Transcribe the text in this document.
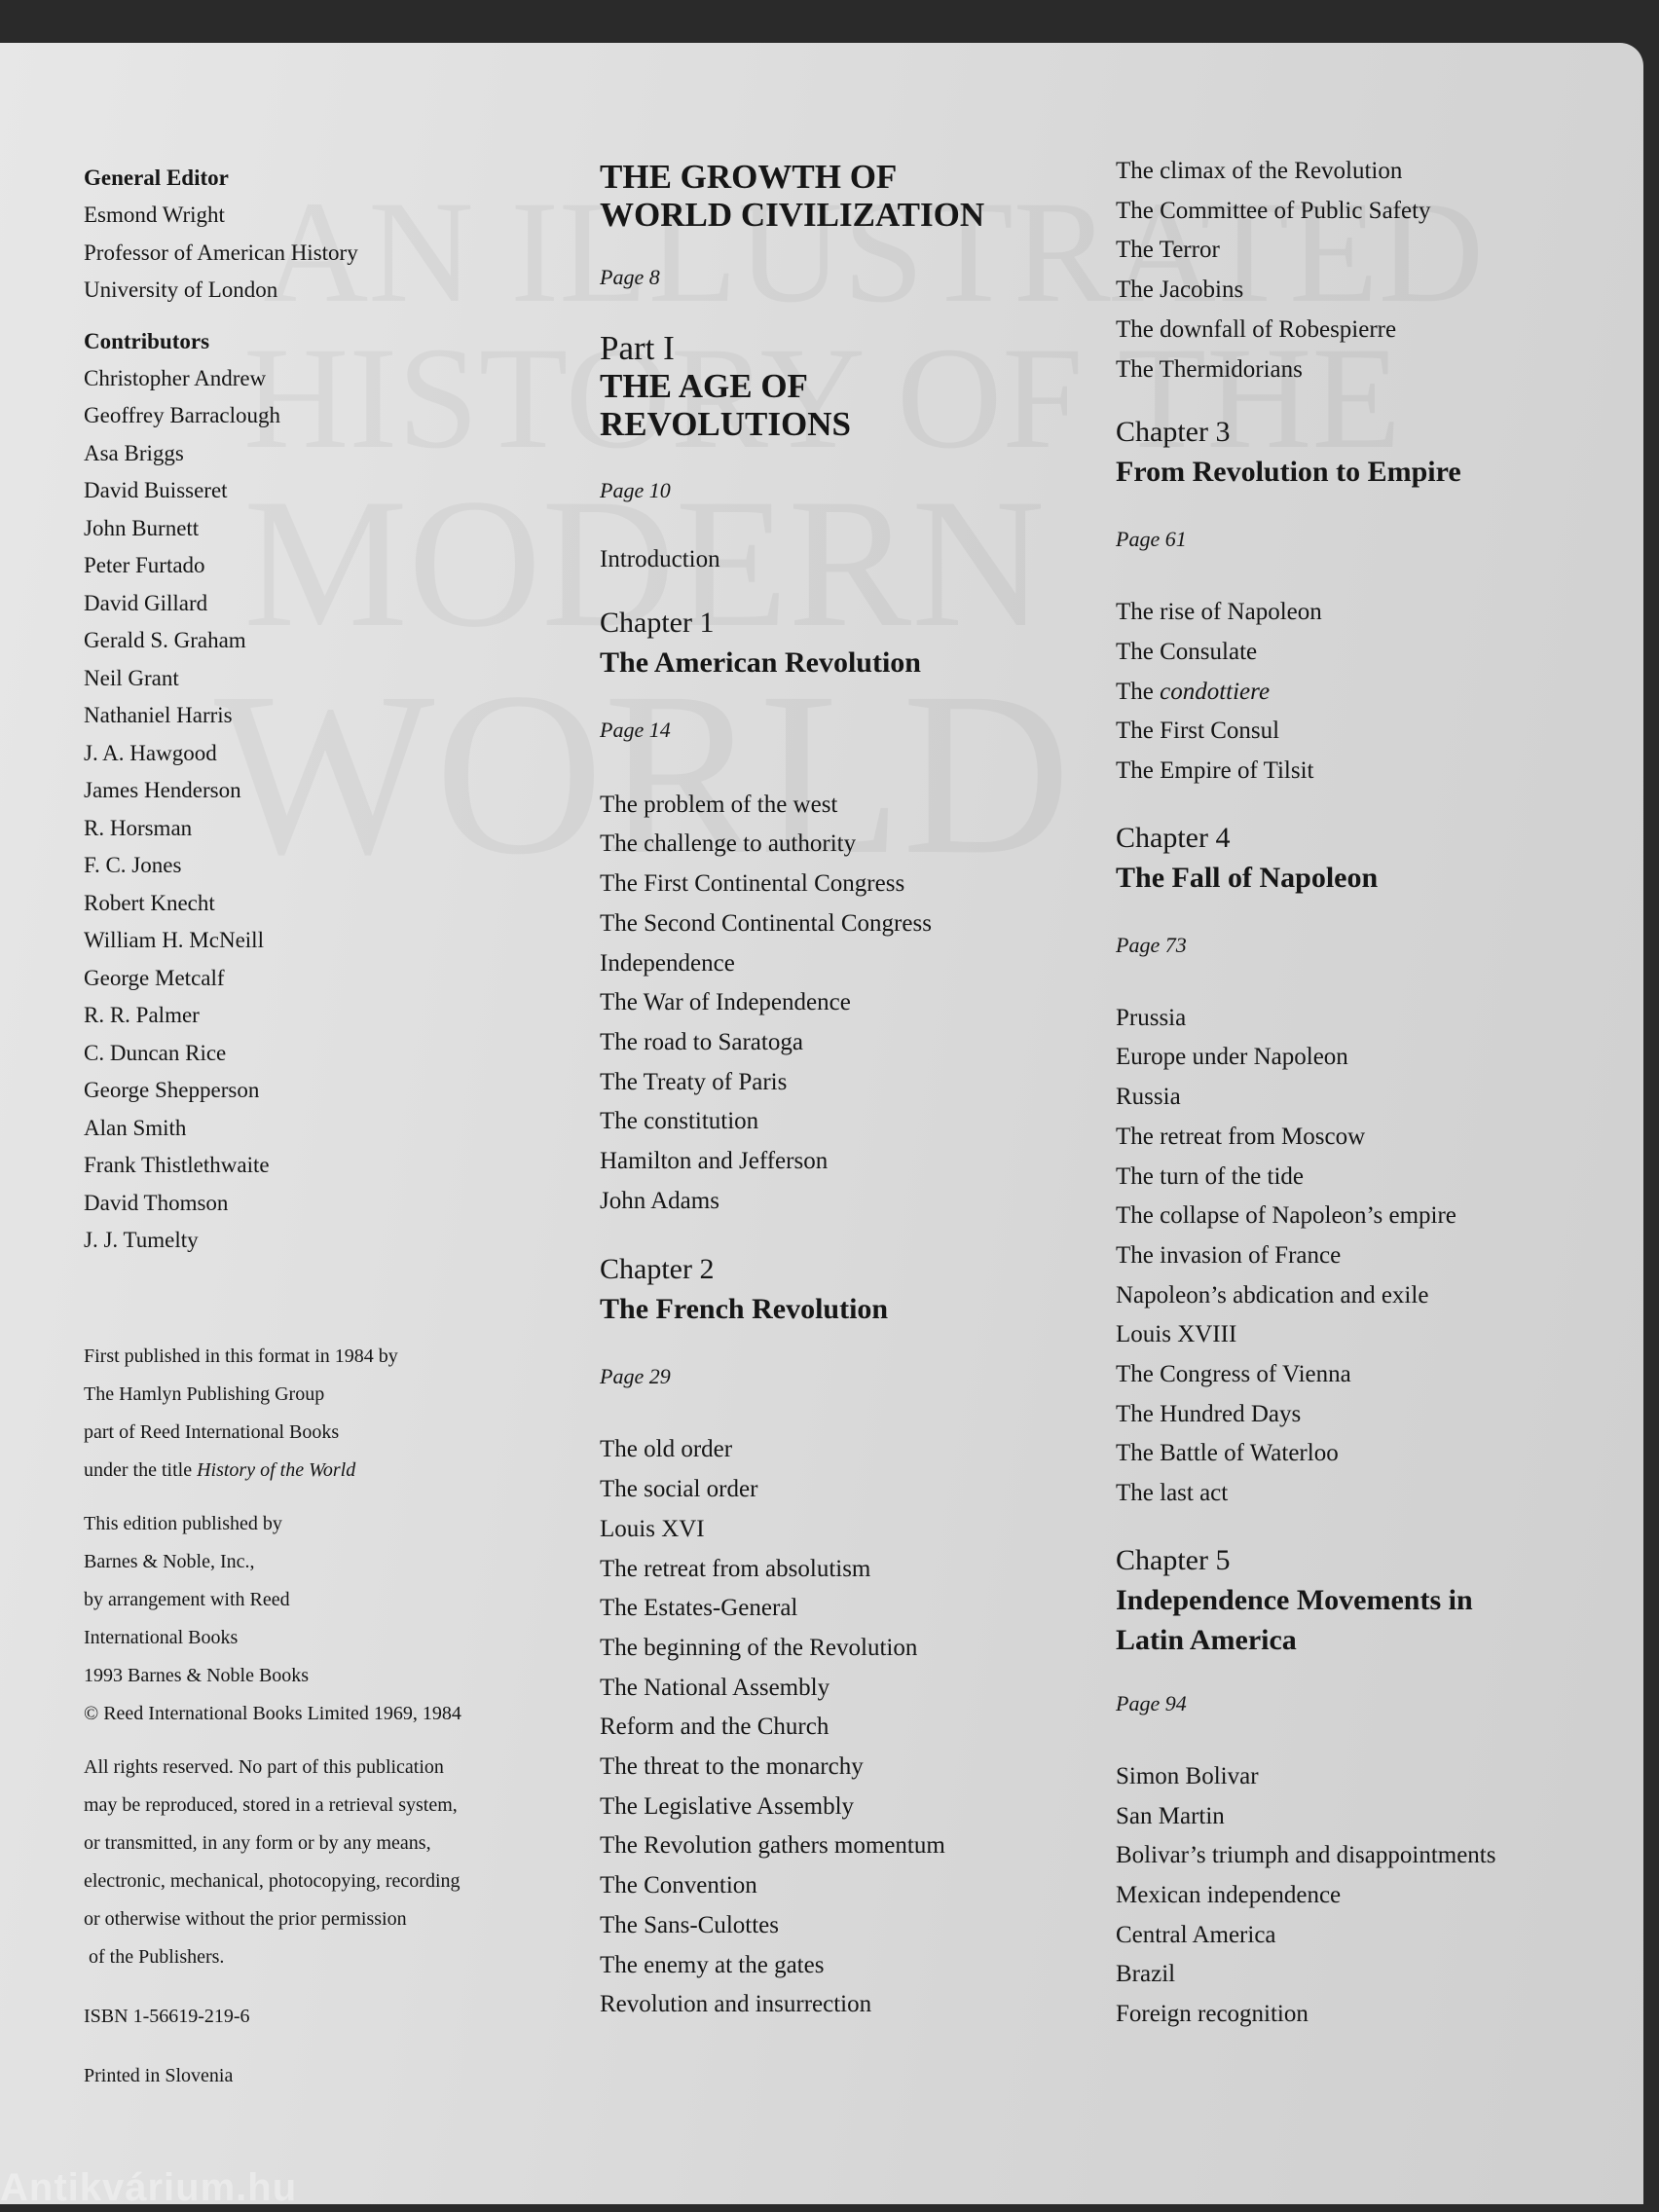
General Editor
Esmond Wright
Professor of American History
University of London
Contributors
Christopher Andrew
Geoffrey Barraclough
Asa Briggs
David Buisseret
John Burnett
Peter Furtado
David Gillard
Gerald S. Graham
Neil Grant
Nathaniel Harris
J. A. Hawgood
James Henderson
R. Horsman
F. C. Jones
Robert Knecht
William H. McNeill
George Metcalf
R. R. Palmer
C. Duncan Rice
George Shepperson
Alan Smith
Frank Thistlethwaite
David Thomson
J. J. Tumelty
First published in this format in 1984 by
The Hamlyn Publishing Group
part of Reed International Books
under the title History of the World
This edition published by
Barnes & Noble, Inc.,
by arrangement with Reed
International Books
1993 Barnes & Noble Books
© Reed International Books Limited 1969, 1984
All rights reserved. No part of this publication
may be reproduced, stored in a retrieval system,
or transmitted, in any form or by any means,
electronic, mechanical, photocopying, recording
or otherwise without the prior permission
of the Publishers.
ISBN 1-56619-219-6
Printed in Slovenia
THE GROWTH OF
WORLD CIVILIZATION
Page 8
Part I
THE AGE OF
REVOLUTIONS
Page 10
Introduction
Chapter 1
The American Revolution
Page 14
The problem of the west
The challenge to authority
The First Continental Congress
The Second Continental Congress
Independence
The War of Independence
The road to Saratoga
The Treaty of Paris
The constitution
Hamilton and Jefferson
John Adams
Chapter 2
The French Revolution
Page 29
The old order
The social order
Louis XVI
The retreat from absolutism
The Estates-General
The beginning of the Revolution
The National Assembly
Reform and the Church
The threat to the monarchy
The Legislative Assembly
The Revolution gathers momentum
The Convention
The Sans-Culottes
The enemy at the gates
Revolution and insurrection
The climax of the Revolution
The Committee of Public Safety
The Terror
The Jacobins
The downfall of Robespierre
The Thermidorians
Chapter 3
From Revolution to Empire
Page 61
The rise of Napoleon
The Consulate
The condottiere
The First Consul
The Empire of Tilsit
Chapter 4
The Fall of Napoleon
Page 73
Prussia
Europe under Napoleon
Russia
The retreat from Moscow
The turn of the tide
The collapse of Napoleon’s empire
The invasion of France
Napoleon’s abdication and exile
Louis XVIII
The Congress of Vienna
The Hundred Days
The Battle of Waterloo
The last act
Chapter 5
Independence Movements in
Latin America
Page 94
Simon Bolivar
San Martin
Bolivar’s triumph and disappointments
Mexican independence
Central America
Brazil
Foreign recognition
Antikvárium.hu
